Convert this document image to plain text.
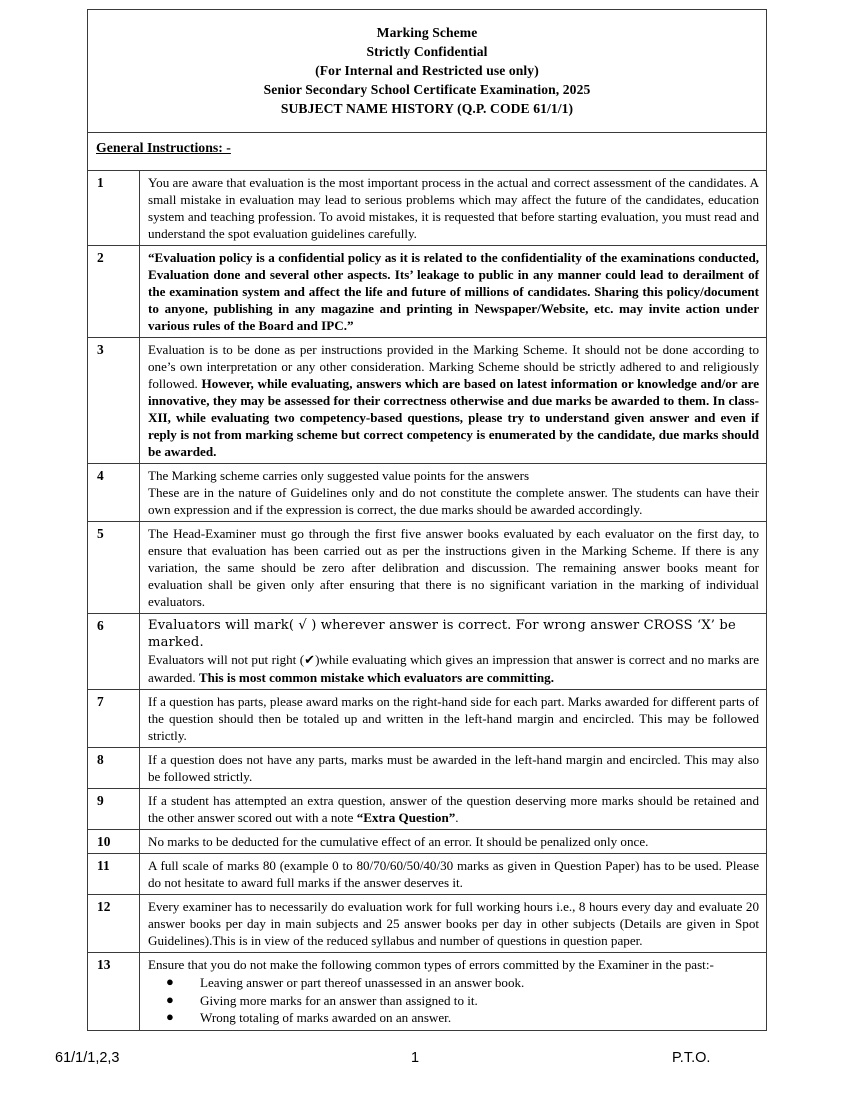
Marking Scheme
Strictly Confidential
(For Internal and Restricted use only)
Senior Secondary School Certificate Examination, 2025
SUBJECT NAME HISTORY (Q.P. CODE 61/1/1)	

General Instructions: -	
1	You are aware that evaluation is the most important process in the actual and correct assessment of the candidates. A small mistake in evaluation may lead to serious problems which may affect the future of the candidates, education system and teaching profession. To avoid mistakes, it is requested that before starting evaluation, you must read and understand the spot evaluation guidelines carefully.

2	“Evaluation policy is a confidential policy as it is related to the confidentiality of the examinations conducted, Evaluation done and several other aspects. Its’ leakage to public in any manner could lead to derailment of the examination system and affect the life and future of millions of candidates. Sharing this policy/document to anyone, publishing in any magazine and printing in Newspaper/Website, etc. may invite action under various rules of the Board and IPC.”

3	Evaluation is to be done as per instructions provided in the Marking Scheme. It should not be done according to one’s own interpretation or any other consideration. Marking Scheme should be strictly adhered to and religiously followed. However, while evaluating, answers which are based on latest information or knowledge and/or are innovative, they may be assessed for their correctness otherwise and due marks be awarded to them. In class-XII, while evaluating two competency-based questions, please try to understand given answer and even if reply is not from marking scheme but correct competency is enumerated by the candidate, due marks should be awarded.

4	The Marking scheme carries only suggested value points for the answers

These are in the nature of Guidelines only and do not constitute the complete answer. The students can have their own expression and if the expression is correct, the due marks should be awarded accordingly.

5	The Head-Examiner must go through the first five answer books evaluated by each evaluator on the first day, to ensure that evaluation has been carried out as per the instructions given in the Marking Scheme. If there is any variation, the same should be zero after delibration and discussion. The remaining answer books meant for evaluation shall be given only after ensuring that there is no significant variation in the marking of individual evaluators.

6	Evaluators will mark( √ ) wherever answer is correct. For wrong answer CROSS ‘X’ be marked.

Evaluators will not put right (✔)while evaluating which gives an impression that answer is correct and no marks are awarded. This is most common mistake which evaluators are committing.

7	If a question has parts, please award marks on the right-hand side for each part. Marks awarded for different parts of the question should then be totaled up and written in the left-hand margin and encircled. This may be followed strictly.

8	If a question does not have any parts, marks must be awarded in the left-hand margin and encircled. This may also be followed strictly.

9	If a student has attempted an extra question, answer of the question deserving more marks should be retained and the other answer scored out with a note “Extra Question”.

10	No marks to be deducted for the cumulative effect of an error. It should be penalized only once.

11	A full scale of marks 80 (example 0 to 80/70/60/50/40/30 marks as given in Question Paper) has to be used. Please do not hesitate to award full marks if the answer deserves it.

12	Every examiner has to necessarily do evaluation work for full working hours i.e., 8 hours every day and evaluate 20 answer books per day in main subjects and 25 answer books per day in other subjects (Details are given in Spot Guidelines).This is in view of the reduced syllabus and number of questions in question paper.

13	Ensure that you do not make the following common types of errors committed by the Examiner in the past:-

● Leaving answer or part thereof unassessed in an answer book.
● Giving more marks for an answer than assigned to it.
● Wrong totaling of marks awarded on an answer.
61/1/1,2,3	1	P.T.O.
